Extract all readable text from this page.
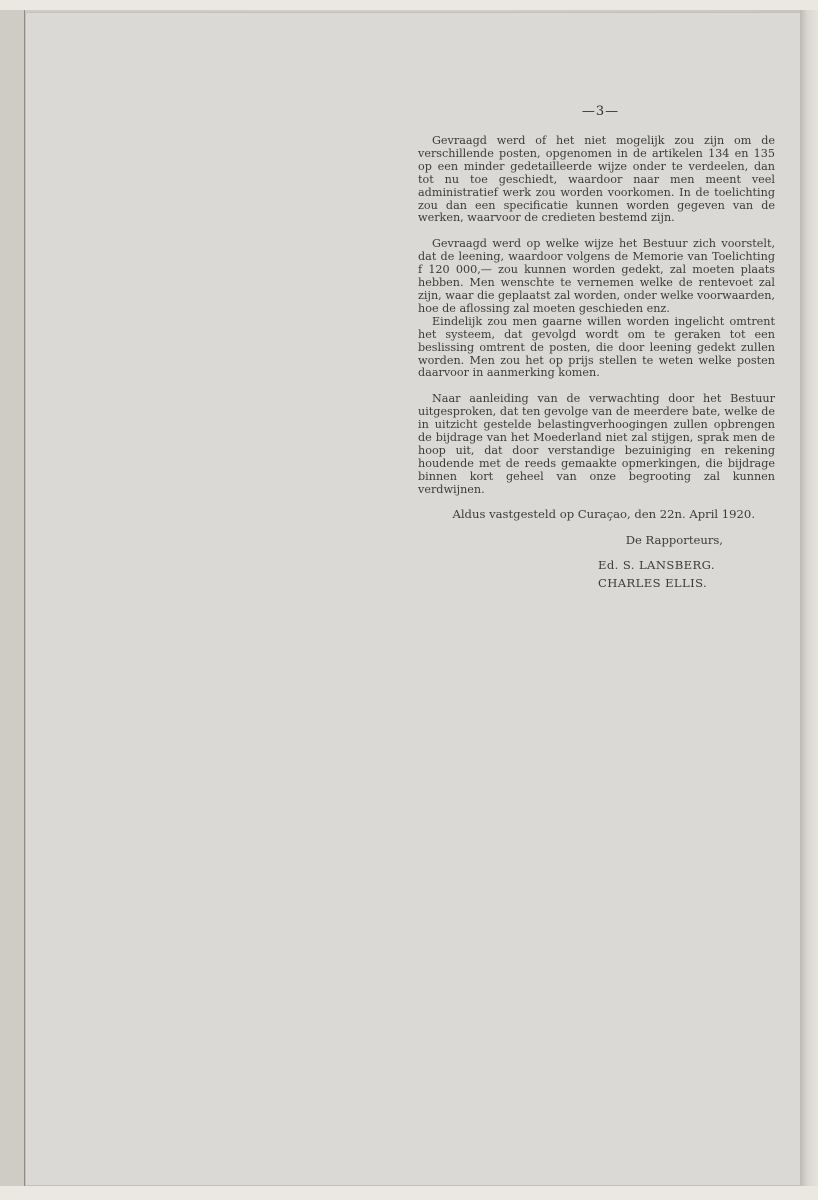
—3—

Gevraagd werd of het niet mogelijk zou zijn om de verschillende posten, opgenomen in de artikelen 134 en 135 op een minder gedetailleerde wijze onder te verdeelen, dan tot nu toe geschiedt, waardoor naar men meent veel administratief werk zou worden voorkomen. In de toelichting zou dan een specificatie kunnen worden gegeven van de werken, waarvoor de credieten bestemd zijn.

Gevraagd werd op welke wijze het Bestuur zich voorstelt, dat de leening, waardoor volgens de Memorie van Toelichting f 120 000,— zou kunnen worden gedekt, zal moeten plaats hebben. Men wenschte te vernemen welke de rentevoet zal zijn, waar die geplaatst zal worden, onder welke voorwaarden, hoe de aflossing zal moeten geschieden enz.

Eindelijk zou men gaarne willen worden ingelicht omtrent het systeem, dat gevolgd wordt om te geraken tot een beslissing omtrent de posten, die door leening gedekt zullen worden. Men zou het op prijs stellen te weten welke posten daarvoor in aanmerking komen.

Naar aanleiding van de verwachting door het Bestuur uitgesproken, dat ten gevolge van de meerdere bate, welke de in uitzicht gestelde belastingverhoogingen zullen opbrengen de bijdrage van het Moederland niet zal stijgen, sprak men de hoop uit, dat door verstandige bezuiniging en rekening houdende met de reeds gemaakte opmerkingen, die bijdrage binnen kort geheel van onze begrooting zal kunnen verdwijnen.

Aldus vastgesteld op Curaçao, den 22n. April 1920.

De Rapporteurs,
Ed. S. LANSBERG.
CHARLES ELLIS.
